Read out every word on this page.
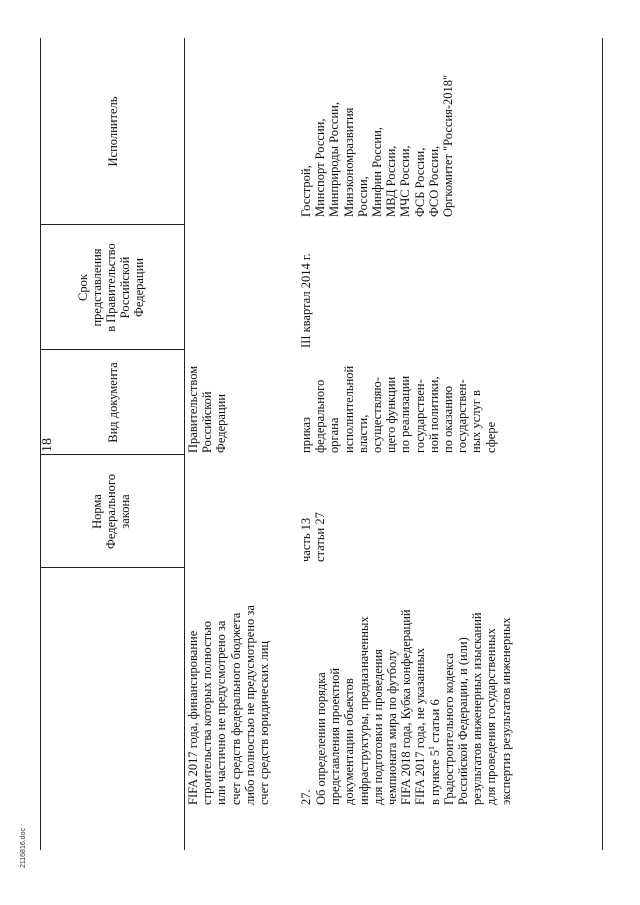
18
2116816.doc
Норма Федерального закона
Вид документа
Срок представления в Правительство Российской Федерации
Исполнитель
FIFA 2017 года, финансирование строительства которых полностью или частично не предусмотрено за счет средств федерального бюджета либо полностью не предусмотрено за счет средств юридических лиц
Правительством Российской Федерации
27. Об определении порядка представления проектной документации объектов инфраструктуры, предназначенных для подготовки и проведения чемпионата мира по футболу FIFA 2018 года, Кубка конфедераций FIFA 2017 года, не указанных в пункте $5^1$ статьи 6 Градостроительного кодекса Российской Федерации, и (или) результатов инженерных изысканий для проведения государственных экспертиз результатов инженерных
часть 13 статьи 27
приказ федерального органа исполнительной власти, осуществляю- щего функции по реализации государствен- ной политики, по оказанию государствен- ных услуг в сфере
III квартал 2014 г.
Госстрой, Минспорт России, Минприроды России, Минэкономразвития России, Минфин России, МВД России, МЧС России, ФСБ России, ФСО России, Оргкомитет "Россия-2018"
